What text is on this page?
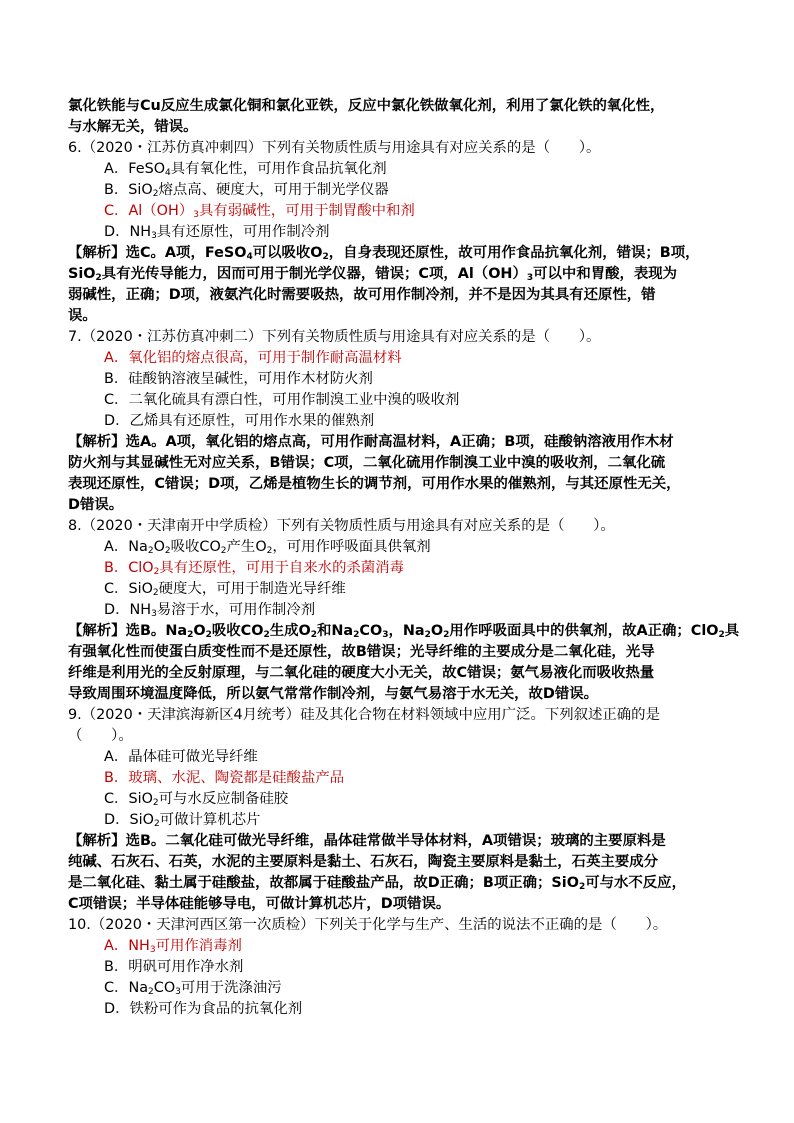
氯化铁能与Cu反应生成氯化铜和氯化亚铁，反应中氯化铁做氧化剂，利用了氯化铁的氧化性，
与水解无关，错误。
6.（2020・江苏仿真冲刺四）下列有关物质性质与用途具有对应关系的是（　　）。
A．FeSO$_4$具有氧化性，可用作食品抗氧化剂
B．SiO$_2$熔点高、硬度大，可用于制光学仪器
C．$Al(OH)_3$具有弱碱性，可用于制胃酸中和剂
D．$NH_3$具有还原性，可用作制冷剂
【解析】选C。A项，FeSO$_4$可以吸收$O_2$，自身表现还原性，故可用作食品抗氧化剂，错误；B项，
SiO$_2$具有光传导能力，因而可用于制光学仪器，错误；C项，$Al(OH)_3$可以中和胃酸，表现为
弱碱性，正确；D项，液氨汽化时需要吸热，故可用作制冷剂，并不是因为其具有还原性，错
误。
7.（2020・江苏仿真冲刺二）下列有关物质性质与用途具有对应关系的是（　　）。
A．氧化铝的熔点很高，可用于制作耐高温材料
B．硅酸钠溶液呈碱性，可用作木材防火剂
C．二氧化硫具有漂白性，可用作制溴工业中溴的吸收剂
D．乙烯具有还原性，可用作水果的催熟剂
【解析】选A。A项，氧化铝的熔点高，可用作耐高温材料，A正确；B项，硅酸钠溶液用作木材
防火剂与其显碱性无对应关系，B错误；C项，二氧化硫用作制溴工业中溴的吸收剂，二氧化硫
表现还原性，C错误；D项，乙烯是植物生长的调节剂，可用作水果的催熟剂，与其还原性无关，
D错误。
8.（2020・天津南开中学质检）下列有关物质性质与用途具有对应关系的是（　　）。
A．$Na_2O_2$吸收$CO_2$产生$O_2$，可用作呼吸面具供氧剂
B．ClO$_2$具有还原性，可用于自来水的杀菌消毒
C．SiO$_2$硬度大，可用于制造光导纤维
D．$NH_3$易溶于水，可用作制冷剂
【解析】选B。$Na_2O_2$吸收$CO_2$生成$O_2$和$Na_2CO_3$，$Na_2O_2$用作呼吸面具中的供氧剂，故A正确；ClO$_2$具
有强氧化性而使蛋白质变性而不是还原性，故B错误；光导纤维的主要成分是二氧化硅，光导
纤维是利用光的全反射原理，与二氧化硅的硬度大小无关，故C错误；氨气易液化而吸收热量
导致周围环境温度降低，所以氨气常常作制冷剂，与氨气易溶于水无关，故D错误。
9.（2020・天津滨海新区4月统考）硅及其化合物在材料领域中应用广泛。下列叙述正确的是
（　　）。
A．晶体硅可做光导纤维
B．玻璃、水泥、陶瓷都是硅酸盐产品
C．SiO$_2$可与水反应制备硅胶
D．SiO$_2$可做计算机芯片
【解析】选B。二氧化硅可做光导纤维，晶体硅常做半导体材料，A项错误；玻璃的主要原料是
纯碱、石灰石、石英，水泥的主要原料是黏土、石灰石，陶瓷主要原料是黏土，石英主要成分
是二氧化硅、黏土属于硅酸盐，故都属于硅酸盐产品，故D正确；B项正确；SiO$_2$可与水不反应，
C项错误；半导体硅能够导电，可做计算机芯片，D项错误。
10.（2020・天津河西区第一次质检）下列关于化学与生产、生活的说法不正确的是（　　）。
A．$NH_3$可用作消毒剂
B．明矾可用作净水剂
C．$Na_2CO_3$可用于洗涤油污
D．铁粉可作为食品的抗氧化剂
